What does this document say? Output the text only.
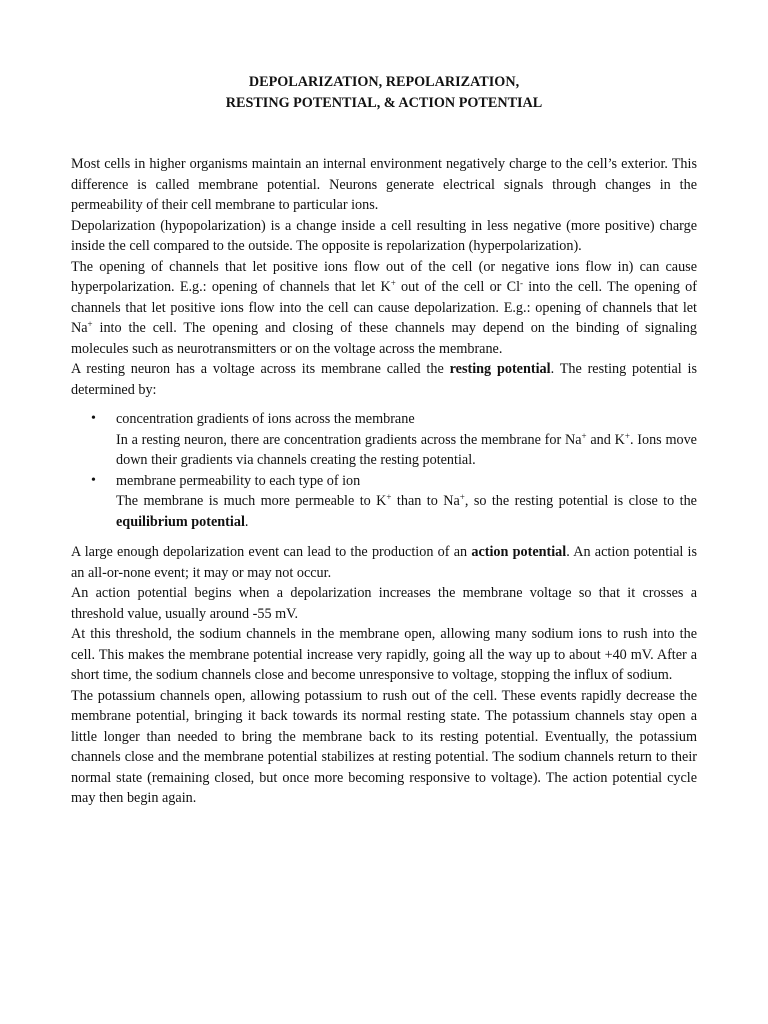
DEPOLARIZATION, REPOLARIZATION,
RESTING POTENTIAL, & ACTION POTENTIAL

Most cells in higher organisms maintain an internal environment negatively charge to the cell’s exterior. This difference is called membrane potential. Neurons generate electrical signals through changes in the permeability of their cell membrane to particular ions.

Depolarization (hypopolarization) is a change inside a cell resulting in less negative (more positive) charge inside the cell compared to the outside. The opposite is repolarization (hyperpolarization).

The opening of channels that let positive ions flow out of the cell (or negative ions flow in) can cause hyperpolarization. E.g.: opening of channels that let K+ out of the cell or Cl- into the cell. The opening of channels that let positive ions flow into the cell can cause depolarization. E.g.: opening of channels that let Na+ into the cell. The opening and closing of these channels may depend on the binding of signaling molecules such as neurotransmitters or on the voltage across the membrane.

A resting neuron has a voltage across its membrane called the resting potential. The resting potential is determined by:

• concentration gradients of ions across the membrane
In a resting neuron, there are concentration gradients across the membrane for Na+ and K+. Ions move down their gradients via channels creating the resting potential.
• membrane permeability to each type of ion
The membrane is much more permeable to K+ than to Na+, so the resting potential is close to the equilibrium potential.

A large enough depolarization event can lead to the production of an action potential. An action potential is an all-or-none event; it may or may not occur.

An action potential begins when a depolarization increases the membrane voltage so that it crosses a threshold value, usually around -55 mV.

At this threshold, the sodium channels in the membrane open, allowing many sodium ions to rush into the cell. This makes the membrane potential increase very rapidly, going all the way up to about +40 mV. After a short time, the sodium channels close and become unresponsive to voltage, stopping the influx of sodium.

The potassium channels open, allowing potassium to rush out of the cell. These events rapidly decrease the membrane potential, bringing it back towards its normal resting state. The potassium channels stay open a little longer than needed to bring the membrane back to its resting potential. Eventually, the potassium channels close and the membrane potential stabilizes at resting potential. The sodium channels return to their normal state (remaining closed, but once more becoming responsive to voltage). The action potential cycle may then begin again.
